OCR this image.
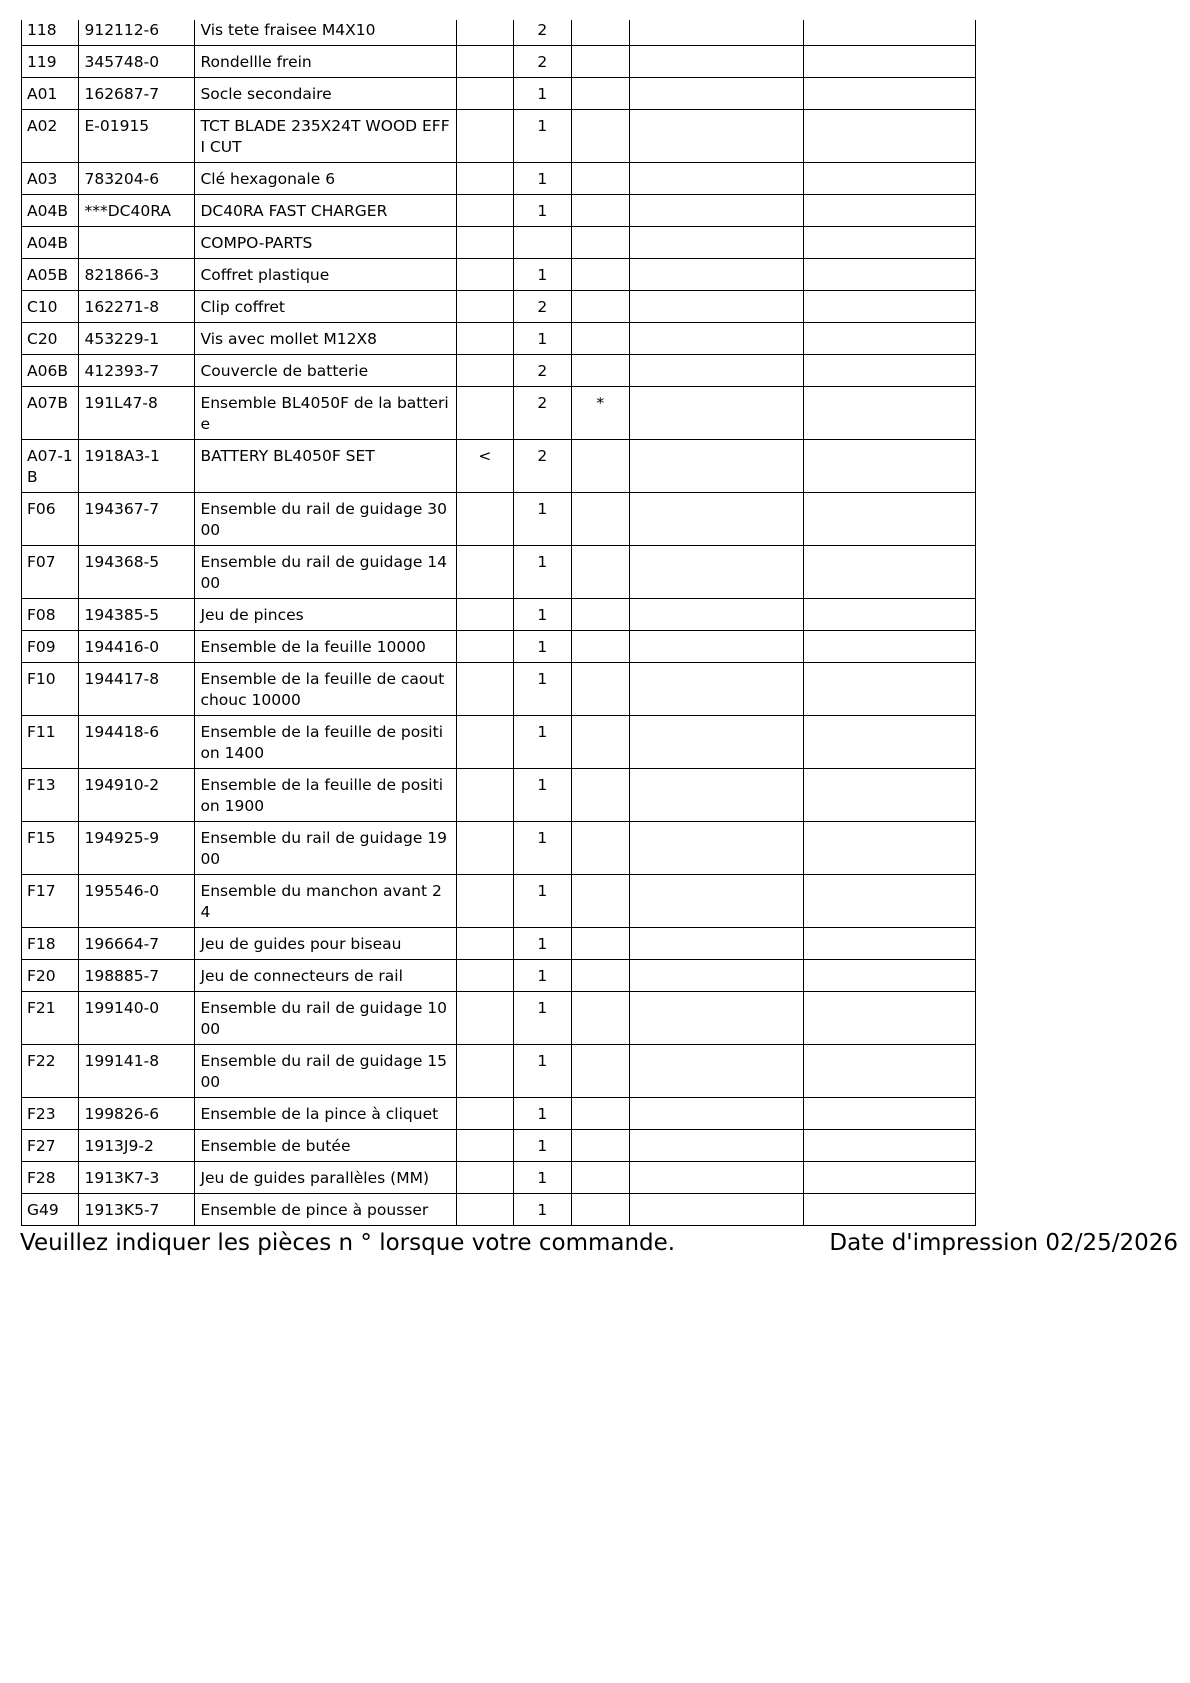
118	912112-6	Vis tete fraisee M4X10		2			
119	345748-0	Rondellle frein		2			
A01	162687-7	Socle secondaire		1			
A02	E-01915	TCT BLADE 235X24T WOOD EFFI CUT		1			
A03	783204-6	Clé hexagonale 6		1			
A04B	***DC40RA	DC40RA FAST CHARGER		1			
A04B		COMPO-PARTS					
A05B	821866-3	Coffret plastique		1			
C10	162271-8	Clip coffret		2			
C20	453229-1	Vis avec mollet M12X8		1			
A06B	412393-7	Couvercle de batterie		2			
A07B	191L47-8	Ensemble BL4050F de la batterie		2	*		
A07-1B	1918A3-1	BATTERY BL4050F SET	<	2			
F06	194367-7	Ensemble du rail de guidage 3000		1			
F07	194368-5	Ensemble du rail de guidage 1400		1			
F08	194385-5	Jeu de pinces		1			
F09	194416-0	Ensemble de la feuille 10000		1			
F10	194417-8	Ensemble de la feuille de caoutchouc 10000		1			
F11	194418-6	Ensemble de la feuille de position 1400		1			
F13	194910-2	Ensemble de la feuille de position 1900		1			
F15	194925-9	Ensemble du rail de guidage 1900		1			
F17	195546-0	Ensemble du manchon avant 24		1			
F18	196664-7	Jeu de guides pour biseau		1			
F20	198885-7	Jeu de connecteurs de rail		1			
F21	199140-0	Ensemble du rail de guidage 1000		1			
F22	199141-8	Ensemble du rail de guidage 1500		1			
F23	199826-6	Ensemble de la pince à cliquet		1			
F27	1913J9-2	Ensemble de butée		1			
F28	1913K7-3	Jeu de guides parallèles (MM)		1			
G49	1913K5-7	Ensemble de pince à pousser		1			
Veuillez indiquer les pièces n ° lorsque votre commande.	Date d'impression 02/25/2026
